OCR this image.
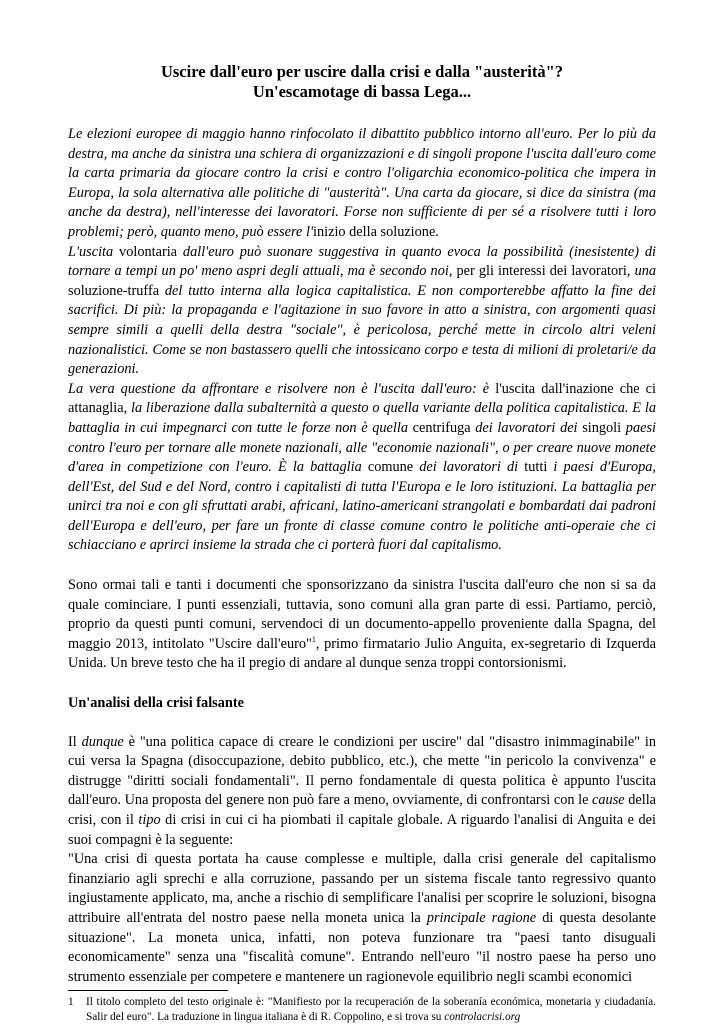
Uscire dall'euro per uscire dalla crisi e dalla "austerità"?
Un'escamotage di bassa Lega...

Le elezioni europee di maggio hanno rinfocolato il dibattito pubblico intorno all'euro. Per lo più da destra, ma anche da sinistra una schiera di organizzazioni e di singoli propone l'uscita dall'euro come la carta primaria da giocare contro la crisi e contro l'oligarchia economico-politica che impera in Europa, la sola alternativa alle politiche di "austerità". Una carta da giocare, si dice da sinistra (ma anche da destra), nell'interesse dei lavoratori. Forse non sufficiente di per sé a risolvere tutti i loro problemi; però, quanto meno, può essere l'inizio della soluzione.

L'uscita volontaria dall'euro può suonare suggestiva in quanto evoca la possibilità (inesistente) di tornare a tempi un po' meno aspri degli attuali, ma è secondo noi, per gli interessi dei lavoratori, una soluzione-truffa del tutto interna alla logica capitalistica. E non comporterebbe affatto la fine dei sacrifici. Di più: la propaganda e l'agitazione in suo favore in atto a sinistra, con argomenti quasi sempre simili a quelli della destra "sociale", è pericolosa, perché mette in circolo altri veleni nazionalistici. Come se non bastassero quelli che intossicano corpo e testa di milioni di proletari/e da generazioni.

La vera questione da affrontare e risolvere non è l'uscita dall'euro: è l'uscita dall'inazione che ci attanaglia, la liberazione dalla subalternità a questo o quella variante della politica capitalistica. E la battaglia in cui impegnarci con tutte le forze non è quella centrifuga dei lavoratori dei singoli paesi contro l'euro per tornare alle monete nazionali, alle "economie nazionali", o per creare nuove monete d'area in competizione con l'euro. È la battaglia comune dei lavoratori di tutti i paesi d'Europa, dell'Est, del Sud e del Nord, contro i capitalisti di tutta l'Europa e le loro istituzioni. La battaglia per unirci tra noi e con gli sfruttati arabi, africani, latino-americani strangolati e bombardati dai padroni dell'Europa e dell'euro, per fare un fronte di classe comune contro le politiche anti-operaie che ci schiacciano e aprirci insieme la strada che ci porterà fuori dal capitalismo.

Sono ormai tali e tanti i documenti che sponsorizzano da sinistra l'uscita dall'euro che non si sa da quale cominciare. I punti essenziali, tuttavia, sono comuni alla gran parte di essi. Partiamo, perciò, proprio da questi punti comuni, servendoci di un documento-appello proveniente dalla Spagna, del maggio 2013, intitolato "Uscire dall'euro"$^1$, primo firmatario Julio Anguita, ex-segretario di Izquerda Unida. Un breve testo che ha il pregio di andare al dunque senza troppi contorsionismi.

Un'analisi della crisi falsante

Il dunque è "una politica capace di creare le condizioni per uscire" dal "disastro inimmaginabile" in cui versa la Spagna (disoccupazione, debito pubblico, etc.), che mette "in pericolo la convivenza" e distrugge "diritti sociali fondamentali". Il perno fondamentale di questa politica è appunto l'uscita dall'euro. Una proposta del genere non può fare a meno, ovviamente, di confrontarsi con le cause della crisi, con il tipo di crisi in cui ci ha piombati il capitale globale. A riguardo l'analisi di Anguita e dei suoi compagni è la seguente:

"Una crisi di questa portata ha cause complesse e multiple, dalla crisi generale del capitalismo finanziario agli sprechi e alla corruzione, passando per un sistema fiscale tanto regressivo quanto ingiustamente applicato, ma, anche a rischio di semplificare l'analisi per scoprire le soluzioni, bisogna attribuire all'entrata del nostro paese nella moneta unica la principale ragione di questa desolante situazione". La moneta unica, infatti, non poteva funzionare tra "paesi tanto disuguali economicamente" senza una "fiscalità comune". Entrando nell'euro "il nostro paese ha perso uno strumento essenziale per competere e mantenere un ragionevole equilibrio negli scambi economici

1	Il titolo completo del testo originale è: "Manifiesto por la recuperación de la soberanía económica, monetaria y ciudadanía. Salir del euro". La traduzione in lingua italiana è di R. Coppolino, e si trova su controlacrisi.org
